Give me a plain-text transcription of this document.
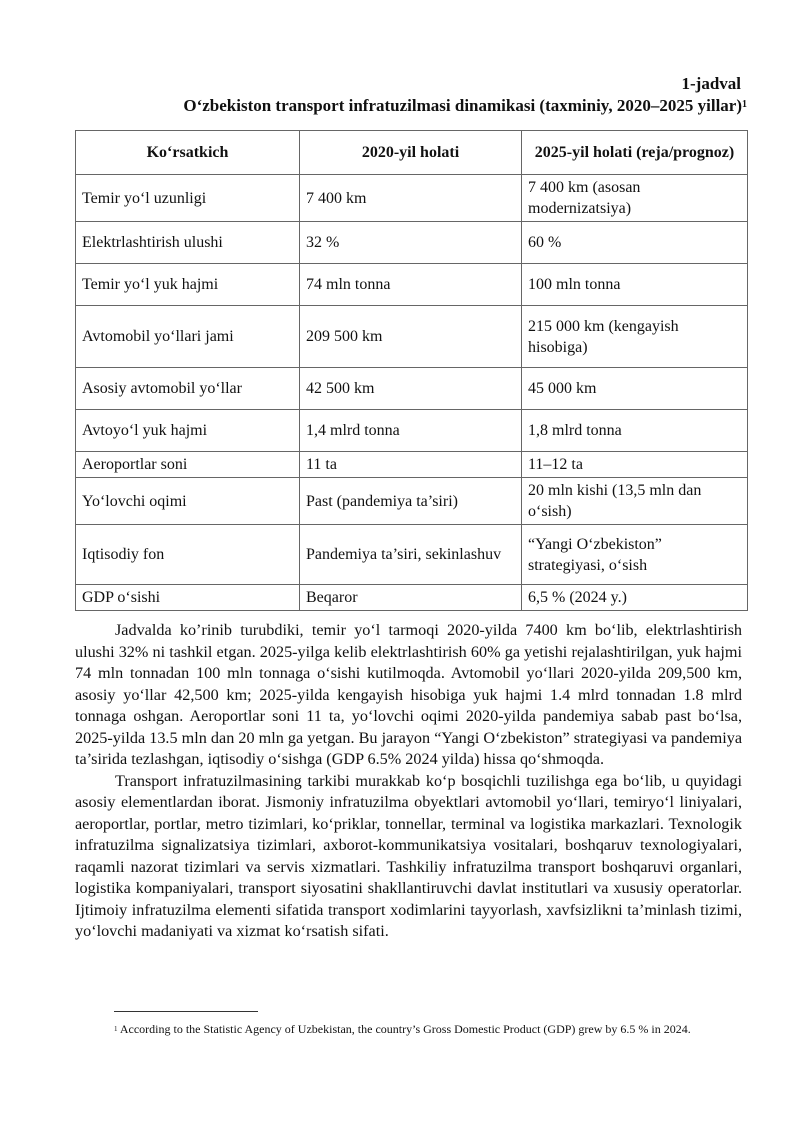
1-jadval
O‘zbekiston transport infratuzilmasi dinamikasi (taxminiy, 2020–2025 yillar)$^1$
Ko‘rsatkich	2020-yil holati	2025-yil holati (reja/prognoz)
Temir yo‘l uzunligi	7 400 km	7 400 km (asosan modernizatsiya)
Elektrlashtirish ulushi	32 %	60 %
Temir yo‘l yuk hajmi	74 mln tonna	100 mln tonna
Avtomobil yo‘llari jami	209 500 km	215 000 km (kengayish hisobiga)
Asosiy avtomobil yo‘llar	42 500 km	45 000 km
Avtoyo‘l yuk hajmi	1,4 mlrd tonna	1,8 mlrd tonna
Aeroportlar soni	11 ta	11–12 ta
Yo‘lovchi oqimi	Past (pandemiya ta’siri)	20 mln kishi (13,5 mln dan o‘sish)
Iqtisodiy fon	Pandemiya ta’siri, sekinlashuv	“Yangi O‘zbekiston” strategiyasi, o‘sish
GDP o‘sishi	Beqaror	6,5 % (2024 y.)

Jadvalda ko’rinib turubdiki, temir yo‘l tarmoqi 2020-yilda 7400 km bo‘lib, elektrlashtirish ulushi 32% ni tashkil etgan. 2025-yilga kelib elektrlashtirish 60% ga yetishi rejalashtirilgan, yuk hajmi 74 mln tonnadan 100 mln tonnaga o‘sishi kutilmoqda. Avtomobil yo‘llari 2020-yilda 209,500 km, asosiy yo‘llar 42,500 km; 2025-yilda kengayish hisobiga yuk hajmi 1.4 mlrd tonnadan 1.8 mlrd tonnaga oshgan. Aeroportlar soni 11 ta, yo‘lovchi oqimi 2020-yilda pandemiya sabab past bo‘lsa, 2025-yilda 13.5 mln dan 20 mln ga yetgan. Bu jarayon “Yangi O‘zbekiston” strategiyasi va pandemiya ta’sirida tezlashgan, iqtisodiy o‘sishga (GDP 6.5% 2024 yilda) hissa qo‘shmoqda.

Transport infratuzilmasining tarkibi murakkab ko‘p bosqichli tuzilishga ega bo‘lib, u quyidagi asosiy elementlardan iborat. Jismoniy infratuzilma obyektlari avtomobil yo‘llari, temiryo‘l liniyalari, aeroportlar, portlar, metro tizimlari, ko‘priklar, tonnellar, terminal va logistika markazlari. Texnologik infratuzilma signalizatsiya tizimlari, axborot-kommunikatsiya vositalari, boshqaruv texnologiyalari, raqamli nazorat tizimlari va servis xizmatlari. Tashkiliy infratuzilma transport boshqaruvi organlari, logistika kompaniyalari, transport siyosatini shakllantiruvchi davlat institutlari va xususiy operatorlar. Ijtimoiy infratuzilma elementi sifatida transport xodimlarini tayyorlash, xavfsizlikni ta’minlash tizimi, yo‘lovchi madaniyati va xizmat ko‘rsatish sifati.

$^1$ According to the Statistic Agency of Uzbekistan, the country’s Gross Domestic Product (GDP) grew by 6.5 % in 2024.
